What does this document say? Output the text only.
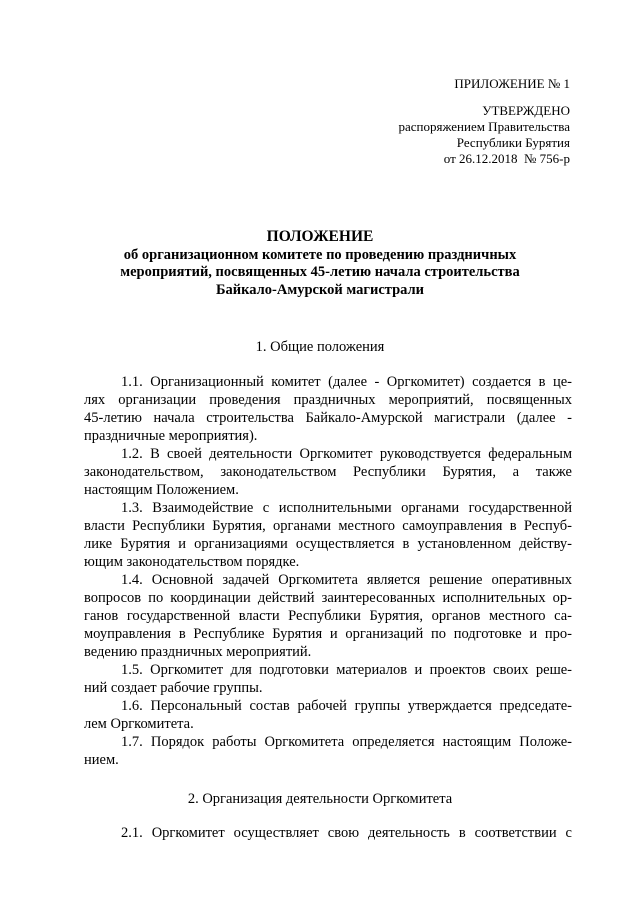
ПРИЛОЖЕНИЕ № 1
УТВЕРЖДЕНО
распоряжением Правительства
Республики Бурятия
от 26.12.2018  № 756-р
ПОЛОЖЕНИЕ
об организационном комитете по проведению праздничных
мероприятий, посвященных 45-летию начала строительства
Байкало-Амурской магистрали
1. Общие положения
1.1. Организационный комитет (далее - Оргкомитет) создается в це-
лях организации проведения праздничных мероприятий, посвященных
45-летию начала строительства Байкало-Амурской магистрали (далее -
праздничные мероприятия).
1.2. В своей деятельности Оргкомитет руководствуется федеральным
законодательством, законодательством Республики Бурятия, а также
настоящим Положением.
1.3. Взаимодействие с исполнительными органами государственной
власти Республики Бурятия, органами местного самоуправления в Респуб-
лике Бурятия и организациями осуществляется в установленном действу-
ющим законодательством порядке.
1.4. Основной задачей Оргкомитета является решение оперативных
вопросов по координации действий заинтересованных исполнительных ор-
ганов государственной власти Республики Бурятия, органов местного са-
моуправления в Республике Бурятия и организаций по подготовке и про-
ведению праздничных мероприятий.
1.5. Оргкомитет для подготовки материалов и проектов своих реше-
ний создает рабочие группы.
1.6. Персональный состав рабочей группы утверждается председате-
лем Оргкомитета.
1.7. Порядок работы Оргкомитета определяется настоящим Положе-
нием.
2. Организация деятельности Оргкомитета
2.1. Оргкомитет осуществляет свою деятельность в соответствии с
